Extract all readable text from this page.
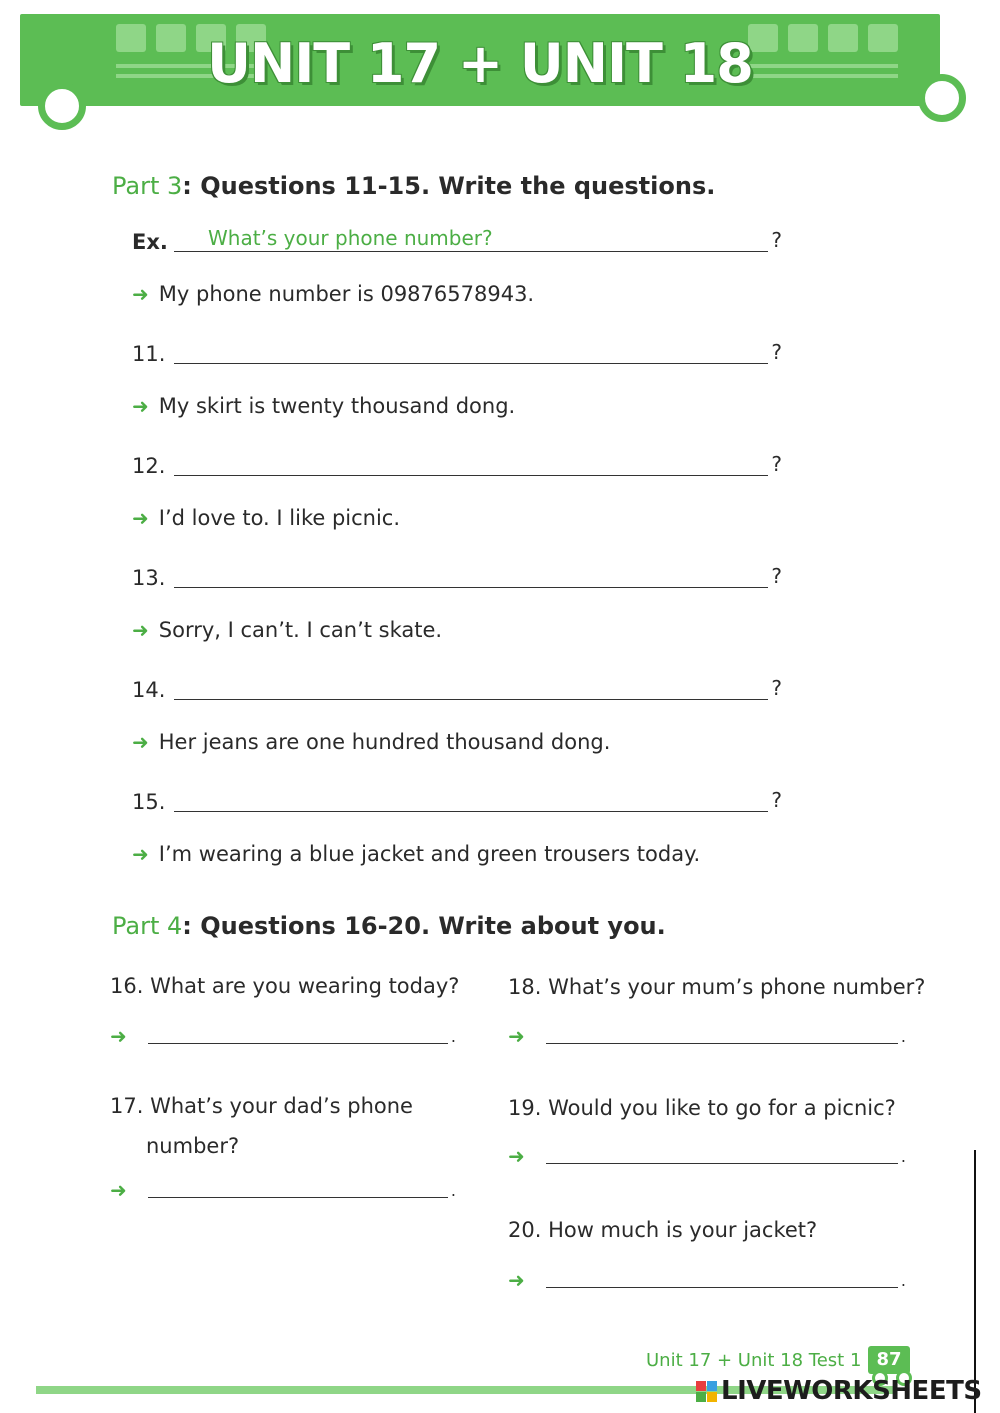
UNIT 17 + UNIT 18
Part 3: Questions 11-15. Write the questions.
Ex. What’s your phone number?	?
➜ My phone number is 09876578943.
11.	?
➜ My skirt is twenty thousand dong.
12.	?
➜ I’d love to. I like picnic.
13.	?
➜ Sorry, I can’t. I can’t skate.
14.	?
➜ Her jeans are one hundred thousand dong.
15.	?
➜ I’m wearing a blue jacket and green trousers today.
Part 4: Questions 16-20. Write about you.
16. What are you wearing today?
➜	.
17. What’s your dad’s phone
number?
➜	.
18. What’s your mum’s phone number?
➜	.
19. Would you like to go for a picnic?
➜	.
20. How much is your jacket?
➜	.
Unit 17 + Unit 18 Test 1 87
LIVEWORKSHEETS
